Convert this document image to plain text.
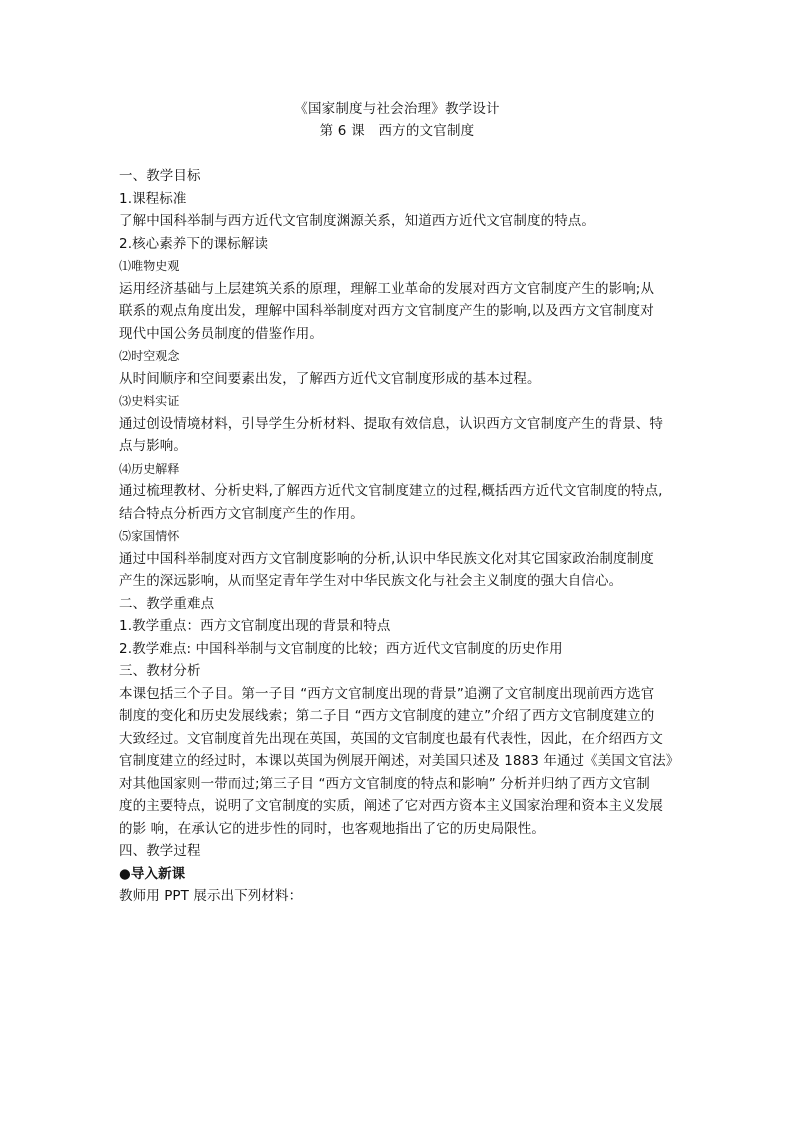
《国家制度与社会治理》教学设计
第 6 课　西方的文官制度
一、教学目标
1.课程标准
了解中国科举制与西方近代文官制度渊源关系，知道西方近代文官制度的特点。
2.核心素养下的课标解读
⑴唯物史观
运用经济基础与上层建筑关系的原理，理解工业革命的发展对西方文官制度产生的影响;从
联系的观点角度出发，理解中国科举制度对西方文官制度产生的影响,以及西方文官制度对
现代中国公务员制度的借鉴作用。
⑵时空观念
从时间顺序和空间要素出发，了解西方近代文官制度形成的基本过程。
⑶史料实证
通过创设情境材料，引导学生分析材料、提取有效信息，认识西方文官制度产生的背景、特
点与影响。
⑷历史解释
通过梳理教材、分析史料,了解西方近代文官制度建立的过程,概括西方近代文官制度的特点,
结合特点分析西方文官制度产生的作用。
⑸家国情怀
通过中国科举制度对西方文官制度影响的分析,认识中华民族文化对其它国家政治制度制度
产生的深远影响，从而坚定青年学生对中华民族文化与社会主义制度的强大自信心。
二、教学重难点
1.教学重点：西方文官制度出现的背景和特点
2.教学难点: 中国科举制与文官制度的比较；西方近代文官制度的历史作用
三、教材分析
本课包括三个子目。第一子目 “西方文官制度出现的背景”追溯了文官制度出现前西方选官
制度的变化和历史发展线索；第二子目 “西方文官制度的建立”介绍了西方文官制度建立的
大致经过。文官制度首先出现在英国，英国的文官制度也最有代表性，因此，在介绍西方文
官制度建立的经过时，本课以英国为例展开阐述，对美国只述及 1883 年通过《美国文官法》
对其他国家则一带而过;第三子目 “西方文官制度的特点和影响” 分析并归纳了西方文官制
度的主要特点，说明了文官制度的实质，阐述了它对西方资本主义国家治理和资本主义发展
的影 响，在承认它的进步性的同时，也客观地指出了它的历史局限性。
四、教学过程
●导入新课
教师用 PPT 展示出下列材料：
